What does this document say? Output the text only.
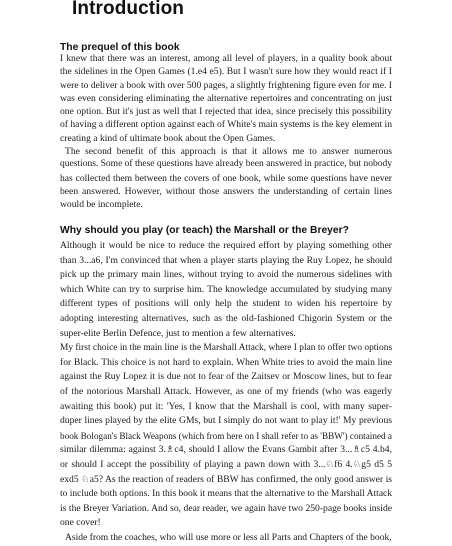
Introduction
The prequel of this book
I knew that there was an interest, among all level of players, in a quality book about
the sidelines in the Open Games (1.e4 e5). But I wasn't sure how they would react if I
were to deliver a book with over 500 pages, a slightly frightening figure even for me. I
was even considering eliminating the alternative repertoires and concentrating on just
one option. But it's just as well that I rejected that idea, since precisely this possibility
of having a different option against each of White's main systems is the key element in
creating a kind of ultimate book about the Open Games.
The second benefit of this approach is that it allows me to answer numerous
questions. Some of these questions have already been answered in practice, but nobody
has collected them between the covers of one book, while some questions have never
been answered. However, without those answers the understanding of certain lines
would be incomplete.
Why should you play (or teach) the Marshall or the Breyer?
Although it would be nice to reduce the required effort by playing something other
than 3...a6, I'm convinced that when a player starts playing the Ruy Lopez, he should
pick up the primary main lines, without trying to avoid the numerous sidelines with
which White can try to surprise him. The knowledge accumulated by studying many
different types of positions will only help the student to widen his repertoire by
adopting interesting alternatives, such as the old-fashioned Chigorin System or the
super-elite Berlin Defence, just to mention a few alternatives.
My first choice in the main line is the Marshall Attack, where I plan to offer two options
for Black. This choice is not hard to explain. When White tries to avoid the main line
against the Ruy Lopez it is due not to fear of the Zaitsev or Moscow lines, but to fear
of the notorious Marshall Attack. However, as one of my friends (who was eagerly
awaiting this book) put it: 'Yes, I know that the Marshall is cool, with many super-
duper lines played by the elite GMs, but I simply do not want to play it!' My previous
book Bologan's Black Weapons (which from here on I shall refer to as 'BBW') contained a
similar dilemma: against 3.♗c4, should I allow the Evans Gambit after 3...♗c5 4.b4,
or should I accept the possibility of playing a pawn down with 3...♘f6 4.♘g5 d5 5
exd5 ♘a5? As the reaction of readers of BBW has confirmed, the only good answer is
to include both options. In this book it means that the alternative to the Marshall Attack
is the Breyer Variation. And so, dear reader, we again have two 250-page books inside
one cover!
Aside from the coaches, who will use more or less all Parts and Chapters of the book,
